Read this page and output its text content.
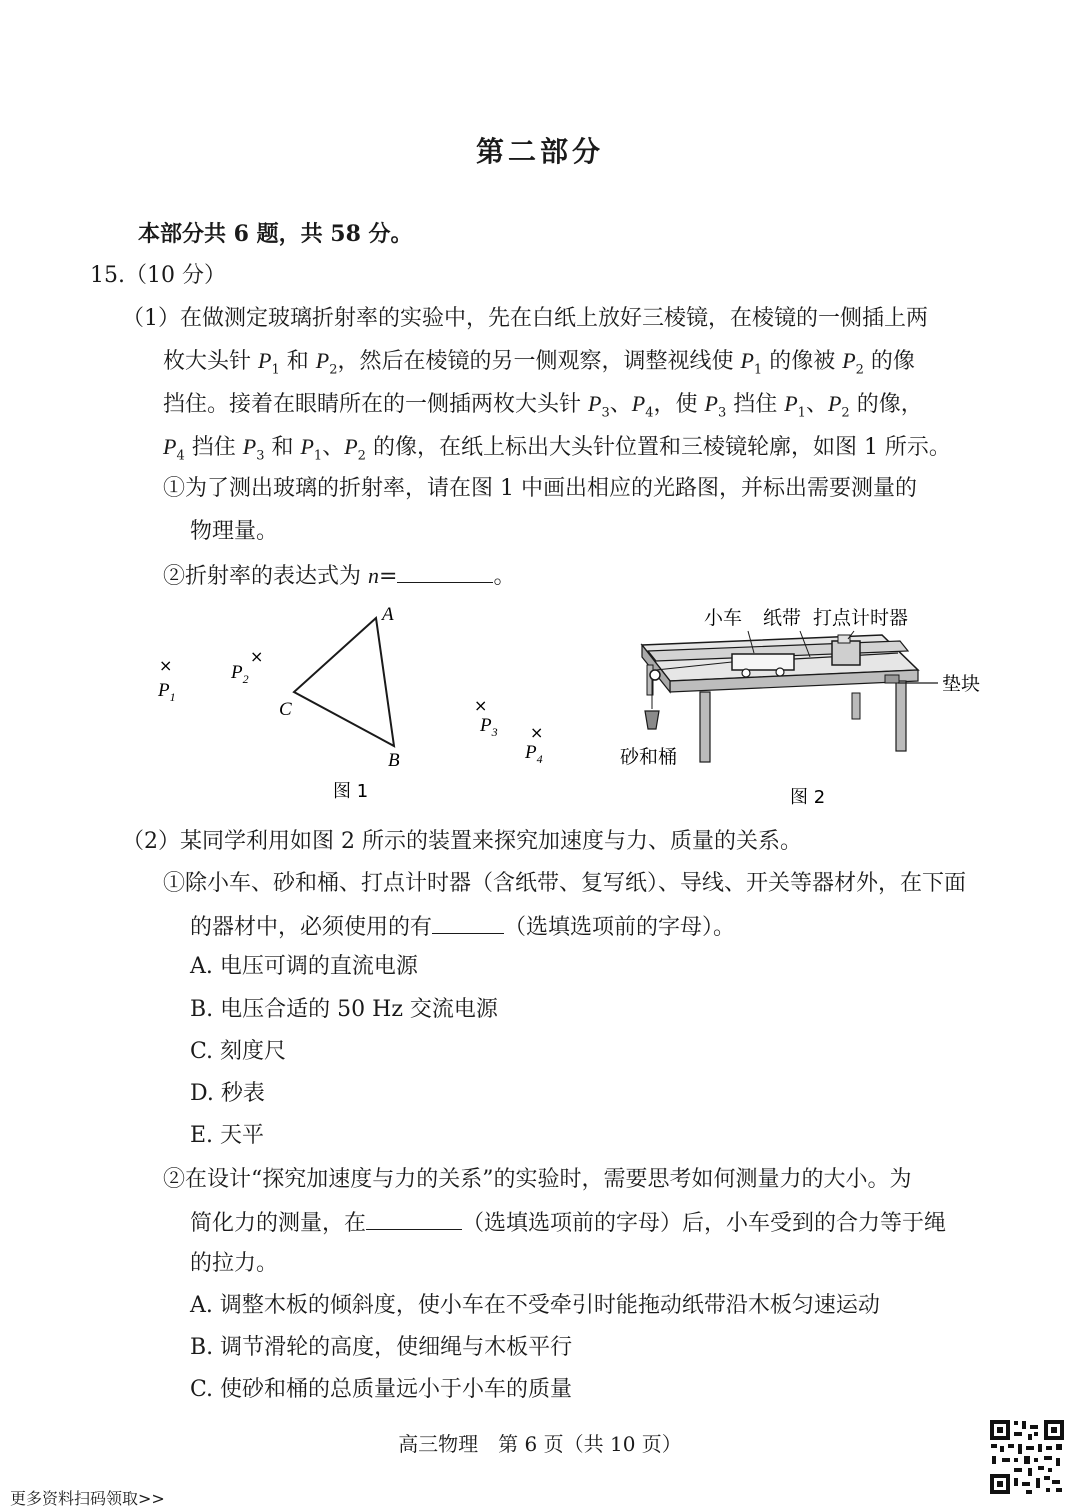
第二部分
本部分共 6 题，共 58 分。
15.（10 分）
（1）在做测定玻璃折射率的实验中，先在白纸上放好三棱镜，在棱镜的一侧插上两
枚大头针 $P_1$ 和 $P_2$，然后在棱镜的另一侧观察，调整视线使 $P_1$ 的像被 $P_2$ 的像
挡住。接着在眼睛所在的一侧插两枚大头针 $P_3$、$P_4$，使 $P_3$ 挡住 $P_1$、$P_2$ 的像，
$P_4$ 挡住 $P_3$ 和 $P_1$、$P_2$ 的像，在纸上标出大头针位置和三棱镜轮廓，如图 1 所示。
①为了测出玻璃的折射率，请在图 1 中画出相应的光路图，并标出需要测量的
物理量。
②折射率的表达式为 n=	。
A
C
B
×
$P_1$
×
$P_2$
×
$P_3$ ×
$P_4$
图 1
小车 纸带 打点计时器
垫块
砂和桶
图 2
（2）某同学利用如图 2 所示的装置来探究加速度与力、质量的关系。
①除小车、砂和桶、打点计时器（含纸带、复写纸）、导线、开关等器材外，在下面
的器材中，必须使用的有	（选填选项前的字母）。
A. 电压可调的直流电源
B. 电压合适的 50 Hz 交流电源
C. 刻度尺
D. 秒表
E. 天平
②在设计“探究加速度与力的关系”的实验时，需要思考如何测量力的大小。为
简化力的测量，在	（选填选项前的字母）后，小车受到的合力等于绳
的拉力。
A. 调整木板的倾斜度，使小车在不受牵引时能拖动纸带沿木板匀速运动
B. 调节滑轮的高度，使细绳与木板平行
C. 使砂和桶的总质量远小于小车的质量
高三物理　第 6 页（共 10 页）
更多资料扫码领取>>
